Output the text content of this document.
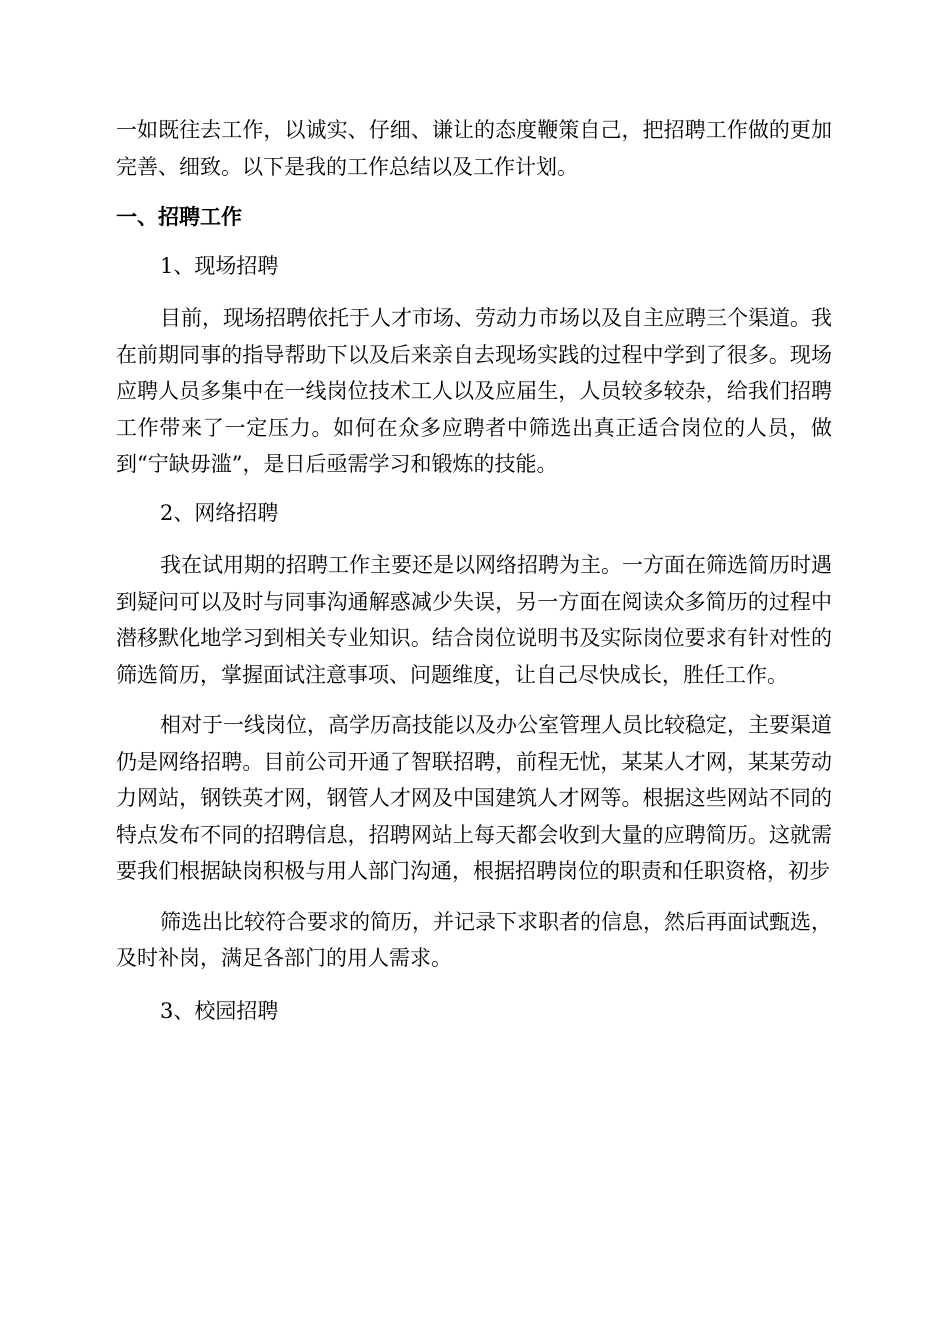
一如既往去工作，以诚实、仔细、谦让的态度鞭策自己，把招聘工作做的更加完善、细致。以下是我的工作总结以及工作计划。

一、招聘工作

1、现场招聘

目前，现场招聘依托于人才市场、劳动力市场以及自主应聘三个渠道。我在前期同事的指导帮助下以及后来亲自去现场实践的过程中学到了很多。现场应聘人员多集中在一线岗位技术工人以及应届生，人员较多较杂，给我们招聘工作带来了一定压力。如何在众多应聘者中筛选出真正适合岗位的人员，做到“宁缺毋滥”，是日后亟需学习和锻炼的技能。

2、网络招聘

我在试用期的招聘工作主要还是以网络招聘为主。一方面在筛选简历时遇到疑问可以及时与同事沟通解惑减少失误，另一方面在阅读众多简历的过程中潜移默化地学习到相关专业知识。结合岗位说明书及实际岗位要求有针对性的筛选简历，掌握面试注意事项、问题维度，让自己尽快成长，胜任工作。

相对于一线岗位，高学历高技能以及办公室管理人员比较稳定，主要渠道仍是网络招聘。目前公司开通了智联招聘，前程无忧，某某人才网，某某劳动力网站，钢铁英才网，钢管人才网及中国建筑人才网等。根据这些网站不同的特点发布不同的招聘信息，招聘网站上每天都会收到大量的应聘简历。这就需要我们根据缺岗积极与用人部门沟通，根据招聘岗位的职责和任职资格，初步

筛选出比较符合要求的简历，并记录下求职者的信息，然后再面试甄选，及时补岗，满足各部门的用人需求。

3、校园招聘
